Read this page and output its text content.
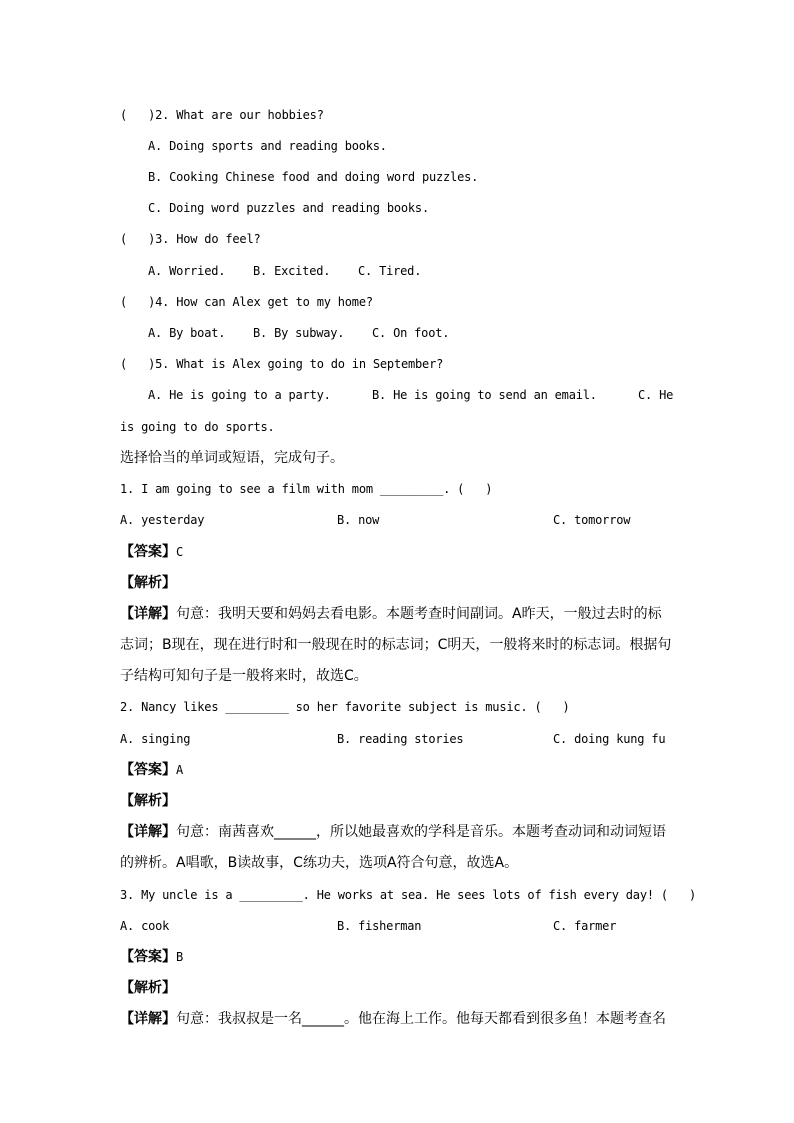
(   )2. What are our hobbies?
A. Doing sports and reading books.
B. Cooking Chinese food and doing word puzzles.
C. Doing word puzzles and reading books.
(   )3. How do feel?
A. Worried. B. Excited. C. Tired.
(   )4. How can Alex get to my home?
A. By boat. B. By subway. C. On foot.
(   )5. What is Alex going to do in September?
A. He is going to a party.	B. He is going to send an email.	C. He
is going to do sports.
选择恰当的单词或短语，完成句子。
1. I am going to see a film with mom _________. (   )
A. yesterday	B. now	C. tomorrow
【答案】C
【解析】
【详解】句意：我明天要和妈妈去看电影。本题考查时间副词。A昨天，一般过去时的标
志词；B现在，现在进行时和一般现在时的标志词；C明天，一般将来时的标志词。根据句
子结构可知句子是一般将来时，故选C。
2. Nancy likes _________ so her favorite subject is music. (   )
A. singing	B. reading stories	C. doing kung fu
【答案】A
【解析】
【详解】句意：南茜喜欢______，所以她最喜欢的学科是音乐。本题考查动词和动词短语
的辨析。A唱歌，B读故事，C练功夫，选项A符合句意，故选A。
3. My uncle is a _________. He works at sea. He sees lots of fish every day! (   )
A. cook	B. fisherman	C. farmer
【答案】B
【解析】
【详解】句意：我叔叔是一名______。他在海上工作。他每天都看到很多鱼！本题考查名
